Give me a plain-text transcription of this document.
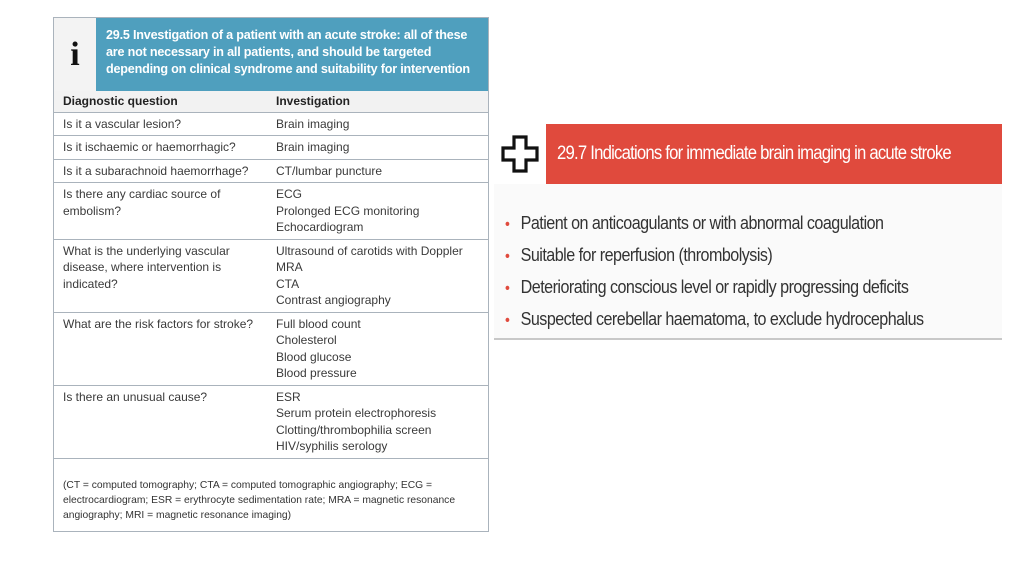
i
29.5 Investigation of a patient with an acute stroke: all of these are not necessary in all patients, and should be targeted depending on clinical syndrome and suitability for intervention
Diagnostic question	Investigation
Is it a vascular lesion?	Brain imaging

Is it ischaemic or haemorrhagic?	Brain imaging

Is it a subarachnoid haemorrhage?	CT/lumbar puncture

Is there any cardiac source of embolism?	ECG
Prolonged ECG monitoring
Echocardiogram

What is the underlying vascular disease, where intervention is indicated?	Ultrasound of carotids with Doppler
MRA
CTA
Contrast angiography

What are the risk factors for stroke?	Full blood count
Cholesterol
Blood glucose
Blood pressure

Is there an unusual cause?	ESR
Serum protein electrophoresis
Clotting/thrombophilia screen
HIV/syphilis serology
(CT = computed tomography; CTA = computed tomographic angiography; ECG = electrocardiogram; ESR = erythrocyte sedimentation rate; MRA = magnetic resonance angiography; MRI = magnetic resonance imaging)
29.7 Indications for immediate brain imaging in acute stroke
• Patient on anticoagulants or with abnormal coagulation
• Suitable for reperfusion (thrombolysis)
• Deteriorating conscious level or rapidly progressing deficits
• Suspected cerebellar haematoma, to exclude hydrocephalus
